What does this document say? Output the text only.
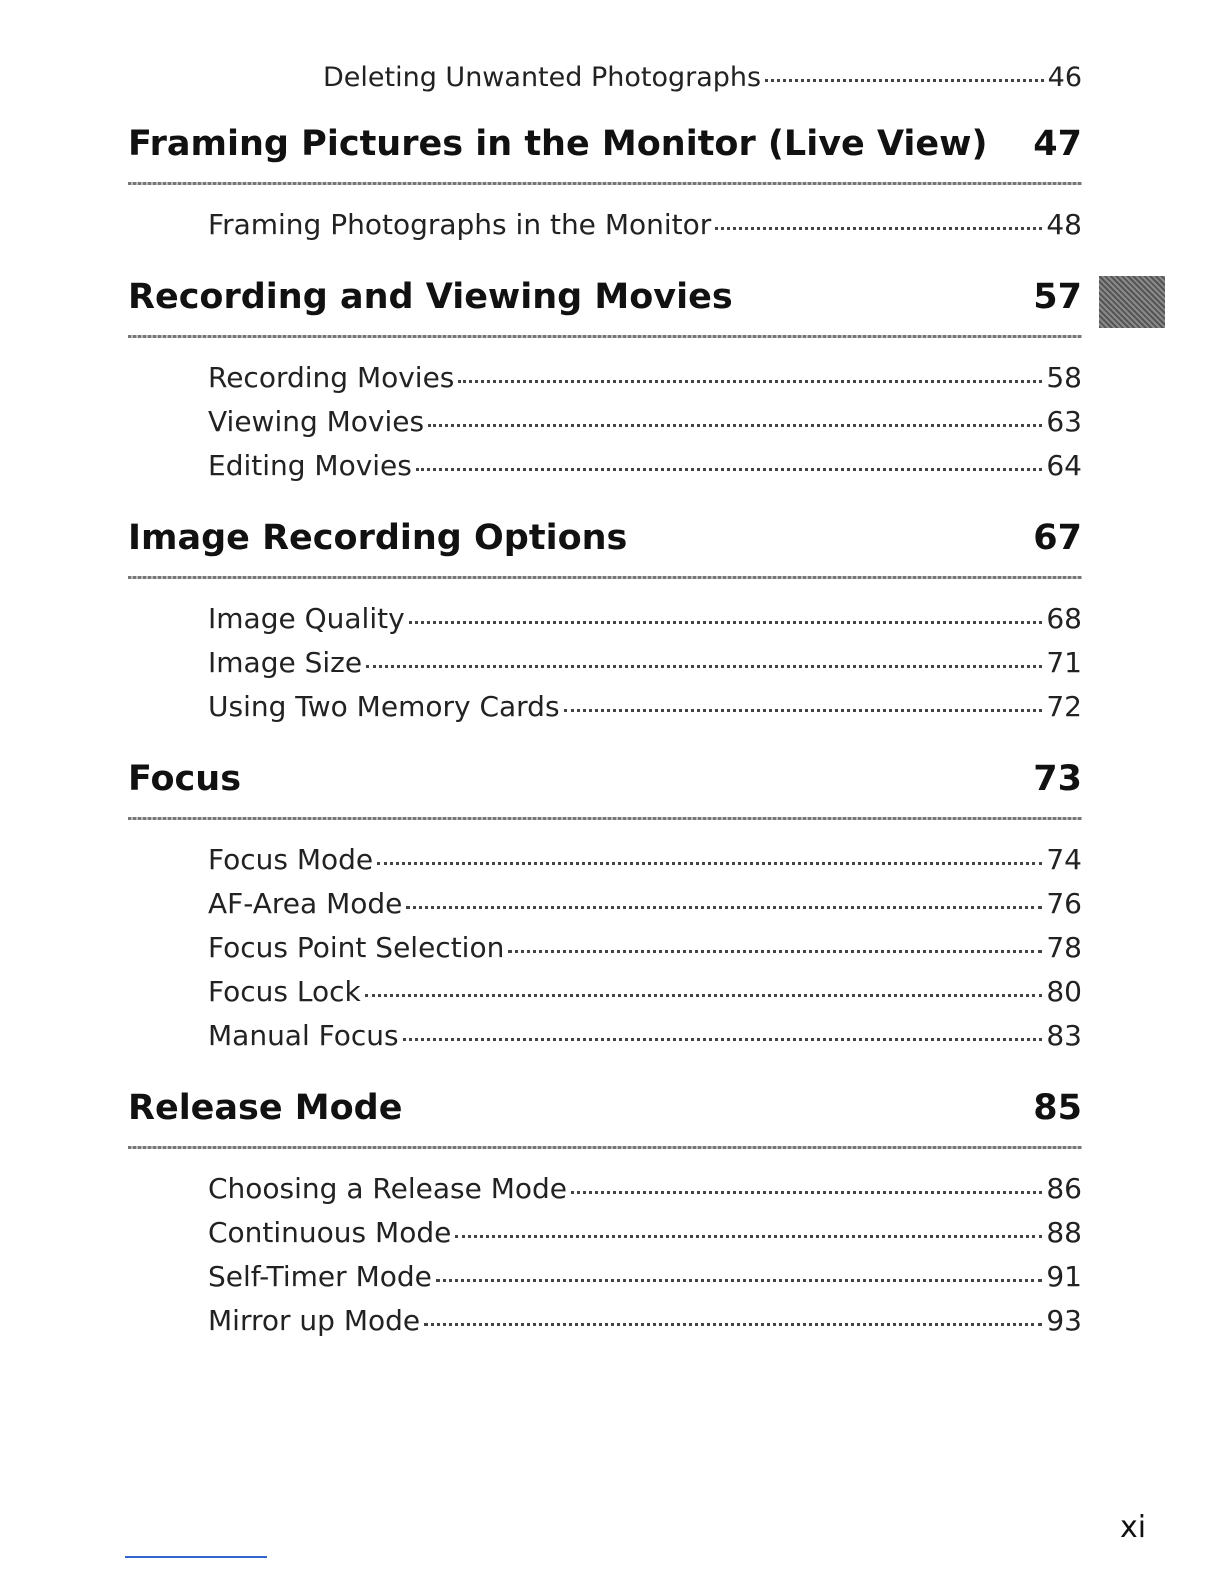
Deleting Unwanted Photographs	46
Framing Pictures in the Monitor (Live View) 47
Framing Photographs in the Monitor	48
Recording and Viewing Movies	57
Recording Movies	58
Viewing Movies	63
Editing Movies	64
Image Recording Options	67
Image Quality	68
Image Size	71
Using Two Memory Cards	72
Focus	73
Focus Mode	74
AF-Area Mode	76
Focus Point Selection	78
Focus Lock	80
Manual Focus	83
Release Mode	85
Choosing a Release Mode	86
Continuous Mode	88
Self-Timer Mode	91
Mirror up Mode	93
xi
